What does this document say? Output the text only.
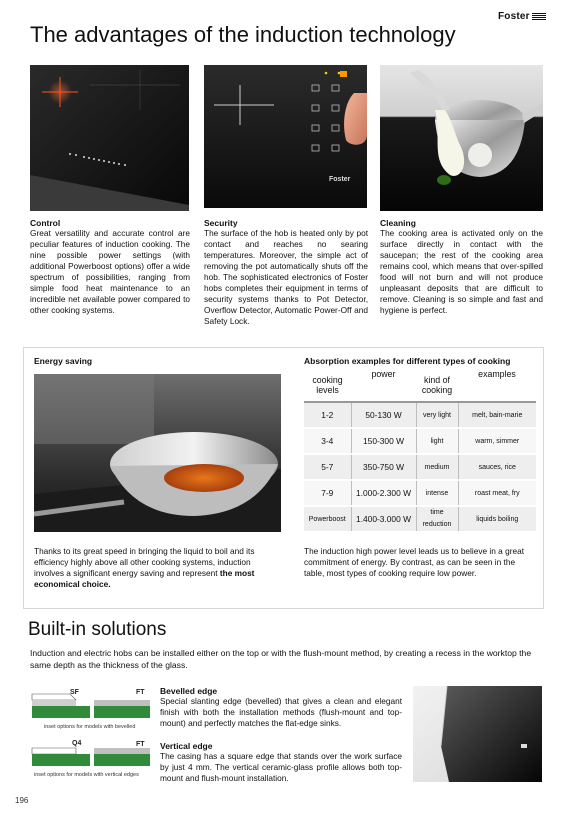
Foster
The advantages of the induction technology
Foster
Control
Great versatility and accurate control are peculiar features of induction cooking. The nine possible power settings (with additional Powerboost options) offer a wide spectrum of possibilities, ranging from simple food heat maintenance to an incredible net available power compared to other cooking systems.
Security
The surface of the hob is heated only by pot contact and reaches no searing temperatures. Moreover, the simple act of removing the pot automatically shuts off the hob. The sophisticated electronics of Foster hobs completes their equipment in terms of security systems thanks to Pot Detector, Overflow Detector, Automatic Power-Off and Safety Lock.
Cleaning
The cooking area is activated only on the surface directly in contact with the saucepan; the rest of the cooking area remains cool, which means that over-spilled food will not burn and will not produce unpleasant deposits that are difficult to remove. Cleaning is so simple and fast and hygiene is perfect.
Energy saving
Thanks to its great speed in bringing the liquid to boil and its efficiency highly above all other cooking systems, induction involves a significant energy saving and represent the most economical choice.
Absorption examples for different types of cooking
cooking levels	power	kind of cooking	examples
1-2	50-130 W	very light	melt, bain-marie
3-4	150-300 W	light	warm, simmer
5-7	350-750 W	medium	sauces, rice
7-9	1.000-2.300 W	intense	roast meat, fry
Powerboost	1.400-3.000 W	time reduction	liquids boiling
The induction high power level leads us to believe in a great commitment of energy. By contrast, as can be seen in the table, most types of cooking require low power.
Built-in solutions
Induction and electric hobs can be installed either on the top or with the flush-mount method, by creating a recess in the worktop the same depth as the thickness of the glass.
SF	FT
inset options for models with bevelled
Q4	FT
inset options for models with vertical edges
Bevelled edge
Special slanting edge (bevelled) that gives a clean and elegant finish with both the installation methods (flush-mount and top-mount) and perfectly matches the flat-edge sinks.
Vertical edge
The casing has a square edge that stands over the work surface by just 4 mm. The vertical ceramic-glass profile allows both top-mount and flush-mount installation.
196
